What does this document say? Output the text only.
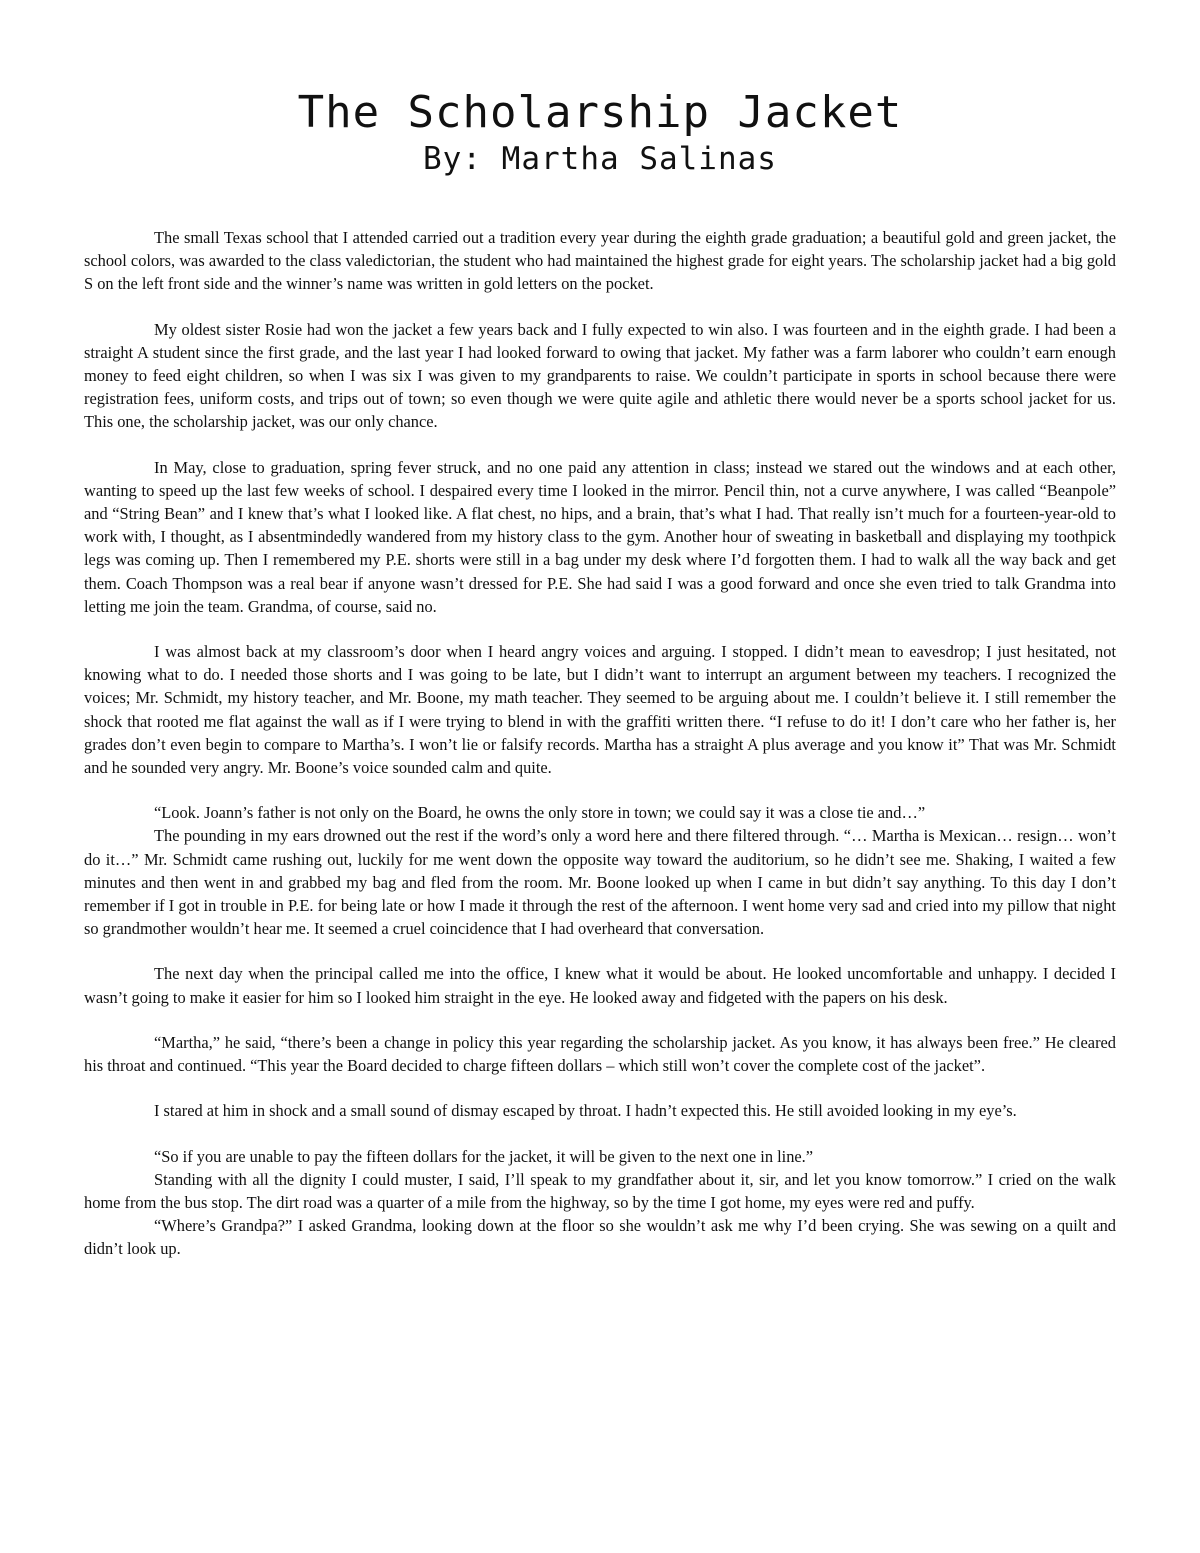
The Scholarship Jacket
By: Martha Salinas

The small Texas school that I attended carried out a tradition every year during the eighth grade graduation; a beautiful gold and green jacket, the school colors, was awarded to the class valedictorian, the student who had maintained the highest grade for eight years. The scholarship jacket had a big gold S on the left front side and the winner’s name was written in gold letters on the pocket.

My oldest sister Rosie had won the jacket a few years back and I fully expected to win also. I was fourteen and in the eighth grade. I had been a straight A student since the first grade, and the last year I had looked forward to owing that jacket. My father was a farm laborer who couldn’t earn enough money to feed eight children, so when I was six I was given to my grandparents to raise. We couldn’t participate in sports in school because there were registration fees, uniform costs, and trips out of town; so even though we were quite agile and athletic there would never be a sports school jacket for us. This one, the scholarship jacket, was our only chance.

In May, close to graduation, spring fever struck, and no one paid any attention in class; instead we stared out the windows and at each other, wanting to speed up the last few weeks of school. I despaired every time I looked in the mirror. Pencil thin, not a curve anywhere, I was called “Beanpole” and “String Bean” and I knew that’s what I looked like. A flat chest, no hips, and a brain, that’s what I had. That really isn’t much for a fourteen-year-old to work with, I thought, as I absentmindedly wandered from my history class to the gym. Another hour of sweating in basketball and displaying my toothpick legs was coming up. Then I remembered my P.E. shorts were still in a bag under my desk where I’d forgotten them. I had to walk all the way back and get them. Coach Thompson was a real bear if anyone wasn’t dressed for P.E. She had said I was a good forward and once she even tried to talk Grandma into letting me join the team. Grandma, of course, said no.

I was almost back at my classroom’s door when I heard angry voices and arguing. I stopped. I didn’t mean to eavesdrop; I just hesitated, not knowing what to do. I needed those shorts and I was going to be late, but I didn’t want to interrupt an argument between my teachers. I recognized the voices; Mr. Schmidt, my history teacher, and Mr. Boone, my math teacher. They seemed to be arguing about me. I couldn’t believe it. I still remember the shock that rooted me flat against the wall as if I were trying to blend in with the graffiti written there. “I refuse to do it! I don’t care who her father is, her grades don’t even begin to compare to Martha’s. I won’t lie or falsify records. Martha has a straight A plus average and you know it” That was Mr. Schmidt and he sounded very angry. Mr. Boone’s voice sounded calm and quite.

“Look. Joann’s father is not only on the Board, he owns the only store in town; we could say it was a close tie and…”

The pounding in my ears drowned out the rest if the word’s only a word here and there filtered through. “… Martha is Mexican… resign… won’t do it…” Mr. Schmidt came rushing out, luckily for me went down the opposite way toward the auditorium, so he didn’t see me. Shaking, I waited a few minutes and then went in and grabbed my bag and fled from the room. Mr. Boone looked up when I came in but didn’t say anything. To this day I don’t remember if I got in trouble in P.E. for being late or how I made it through the rest of the afternoon. I went home very sad and cried into my pillow that night so grandmother wouldn’t hear me. It seemed a cruel coincidence that I had overheard that conversation.

The next day when the principal called me into the office, I knew what it would be about. He looked uncomfortable and unhappy. I decided I wasn’t going to make it easier for him so I looked him straight in the eye. He looked away and fidgeted with the papers on his desk.

“Martha,” he said, “there’s been a change in policy this year regarding the scholarship jacket. As you know, it has always been free.” He cleared his throat and continued. “This year the Board decided to charge fifteen dollars – which still won’t cover the complete cost of the jacket”.

I stared at him in shock and a small sound of dismay escaped by throat. I hadn’t expected this. He still avoided looking in my eye’s.

“So if you are unable to pay the fifteen dollars for the jacket, it will be given to the next one in line.”

Standing with all the dignity I could muster, I said, I’ll speak to my grandfather about it, sir, and let you know tomorrow.” I cried on the walk home from the bus stop. The dirt road was a quarter of a mile from the highway, so by the time I got home, my eyes were red and puffy.

“Where’s Grandpa?” I asked Grandma, looking down at the floor so she wouldn’t ask me why I’d been crying. She was sewing on a quilt and didn’t look up.
